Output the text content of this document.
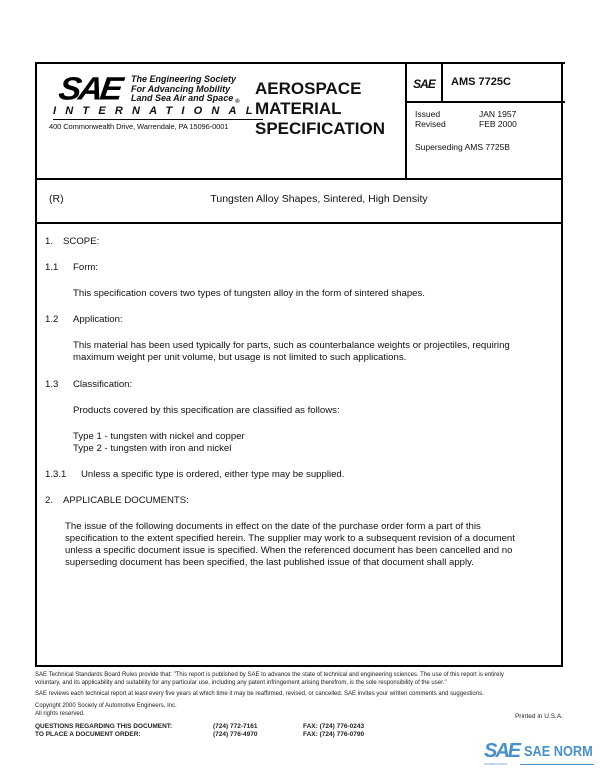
SAE The Engineering Society
For Advancing Mobility
Land Sea Air and Space $_®$
INTERNATIONAL
400 Commonwealth Drive, Warrendale, PA 15096-0001
AEROSPACE
MATERIAL
SPECIFICATION
SAE	AMS 7725C
Issued	JAN 1957
Revised	FEB 2000
Superseding AMS 7725B
(R)	Tungsten Alloy Shapes, Sintered, High Density
1. SCOPE:
1.1 Form:
This specification covers two types of tungsten alloy in the form of sintered shapes.
1.2 Application:
This material has been used typically for parts, such as counterbalance weights or projectiles, requiring maximum weight per unit volume, but usage is not limited to such applications.
1.3 Classification:
Products covered by this specification are classified as follows:
Type 1 - tungsten with nickel and copper
Type 2 - tungsten with iron and nickel
1.3.1 Unless a specific type is ordered, either type may be supplied.
2. APPLICABLE DOCUMENTS:
The issue of the following documents in effect on the date of the purchase order form a part of this specification to the extent specified herein. The supplier may work to a subsequent revision of a document unless a specific document issue is specified. When the referenced document has been cancelled and no superseding document has been specified, the last published issue of that document shall apply.
SAE Technical Standards Board Rules provide that: "This report is published by SAE to advance the state of technical and engineering sciences. The use of this report is entirely
voluntary, and its applicability and suitability for any particular use, including any patent infringement arising therefrom, is the sole responsibility of the user."
SAE reviews each technical report at least every five years at which time it may be reaffirmed, revised, or cancelled. SAE invites your written comments and suggestions.
Copyright 2000 Society of Automotive Engineers, Inc.
All rights reserved.	Printed in U.S.A.
QUESTIONS REGARDING THIS DOCUMENT:	(724) 772-7161	FAX: (724) 776-0243
TO PLACE A DOCUMENT ORDER:	(724) 776-4970	FAX: (724) 776-0790
SAE SAE NORM
INTERNATIONAL
